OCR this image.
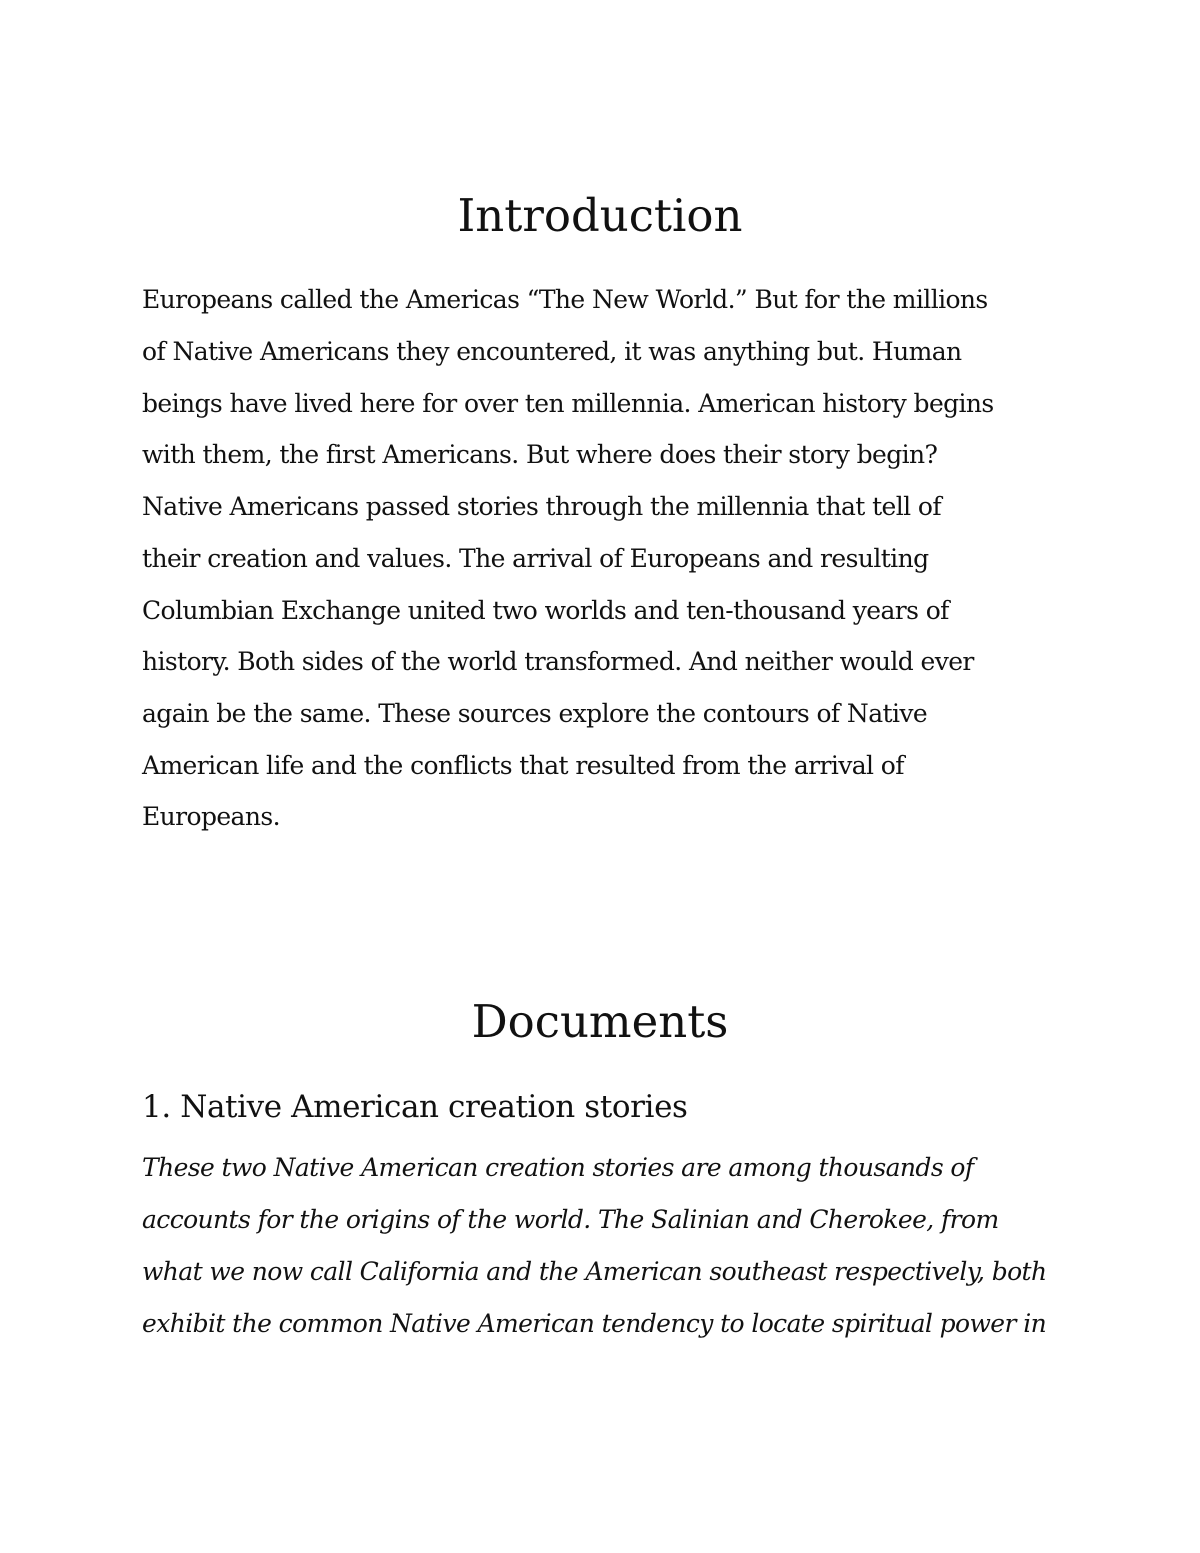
Introduction

Europeans called the Americas “The New World.” But for the millions

of Native Americans they encountered, it was anything but. Human

beings have lived here for over ten millennia. American history begins

with them, the first Americans. But where does their story begin?

Native Americans passed stories through the millennia that tell of

their creation and values. The arrival of Europeans and resulting

Columbian Exchange united two worlds and ten-thousand years of

history. Both sides of the world transformed. And neither would ever

again be the same. These sources explore the contours of Native

American life and the conflicts that resulted from the arrival of

Europeans.

Documents
1. Native American creation stories

These two Native American creation stories are among thousands of

accounts for the origins of the world. The Salinian and Cherokee, from

what we now call California and the American southeast respectively, both

exhibit the common Native American tendency to locate spiritual power in
